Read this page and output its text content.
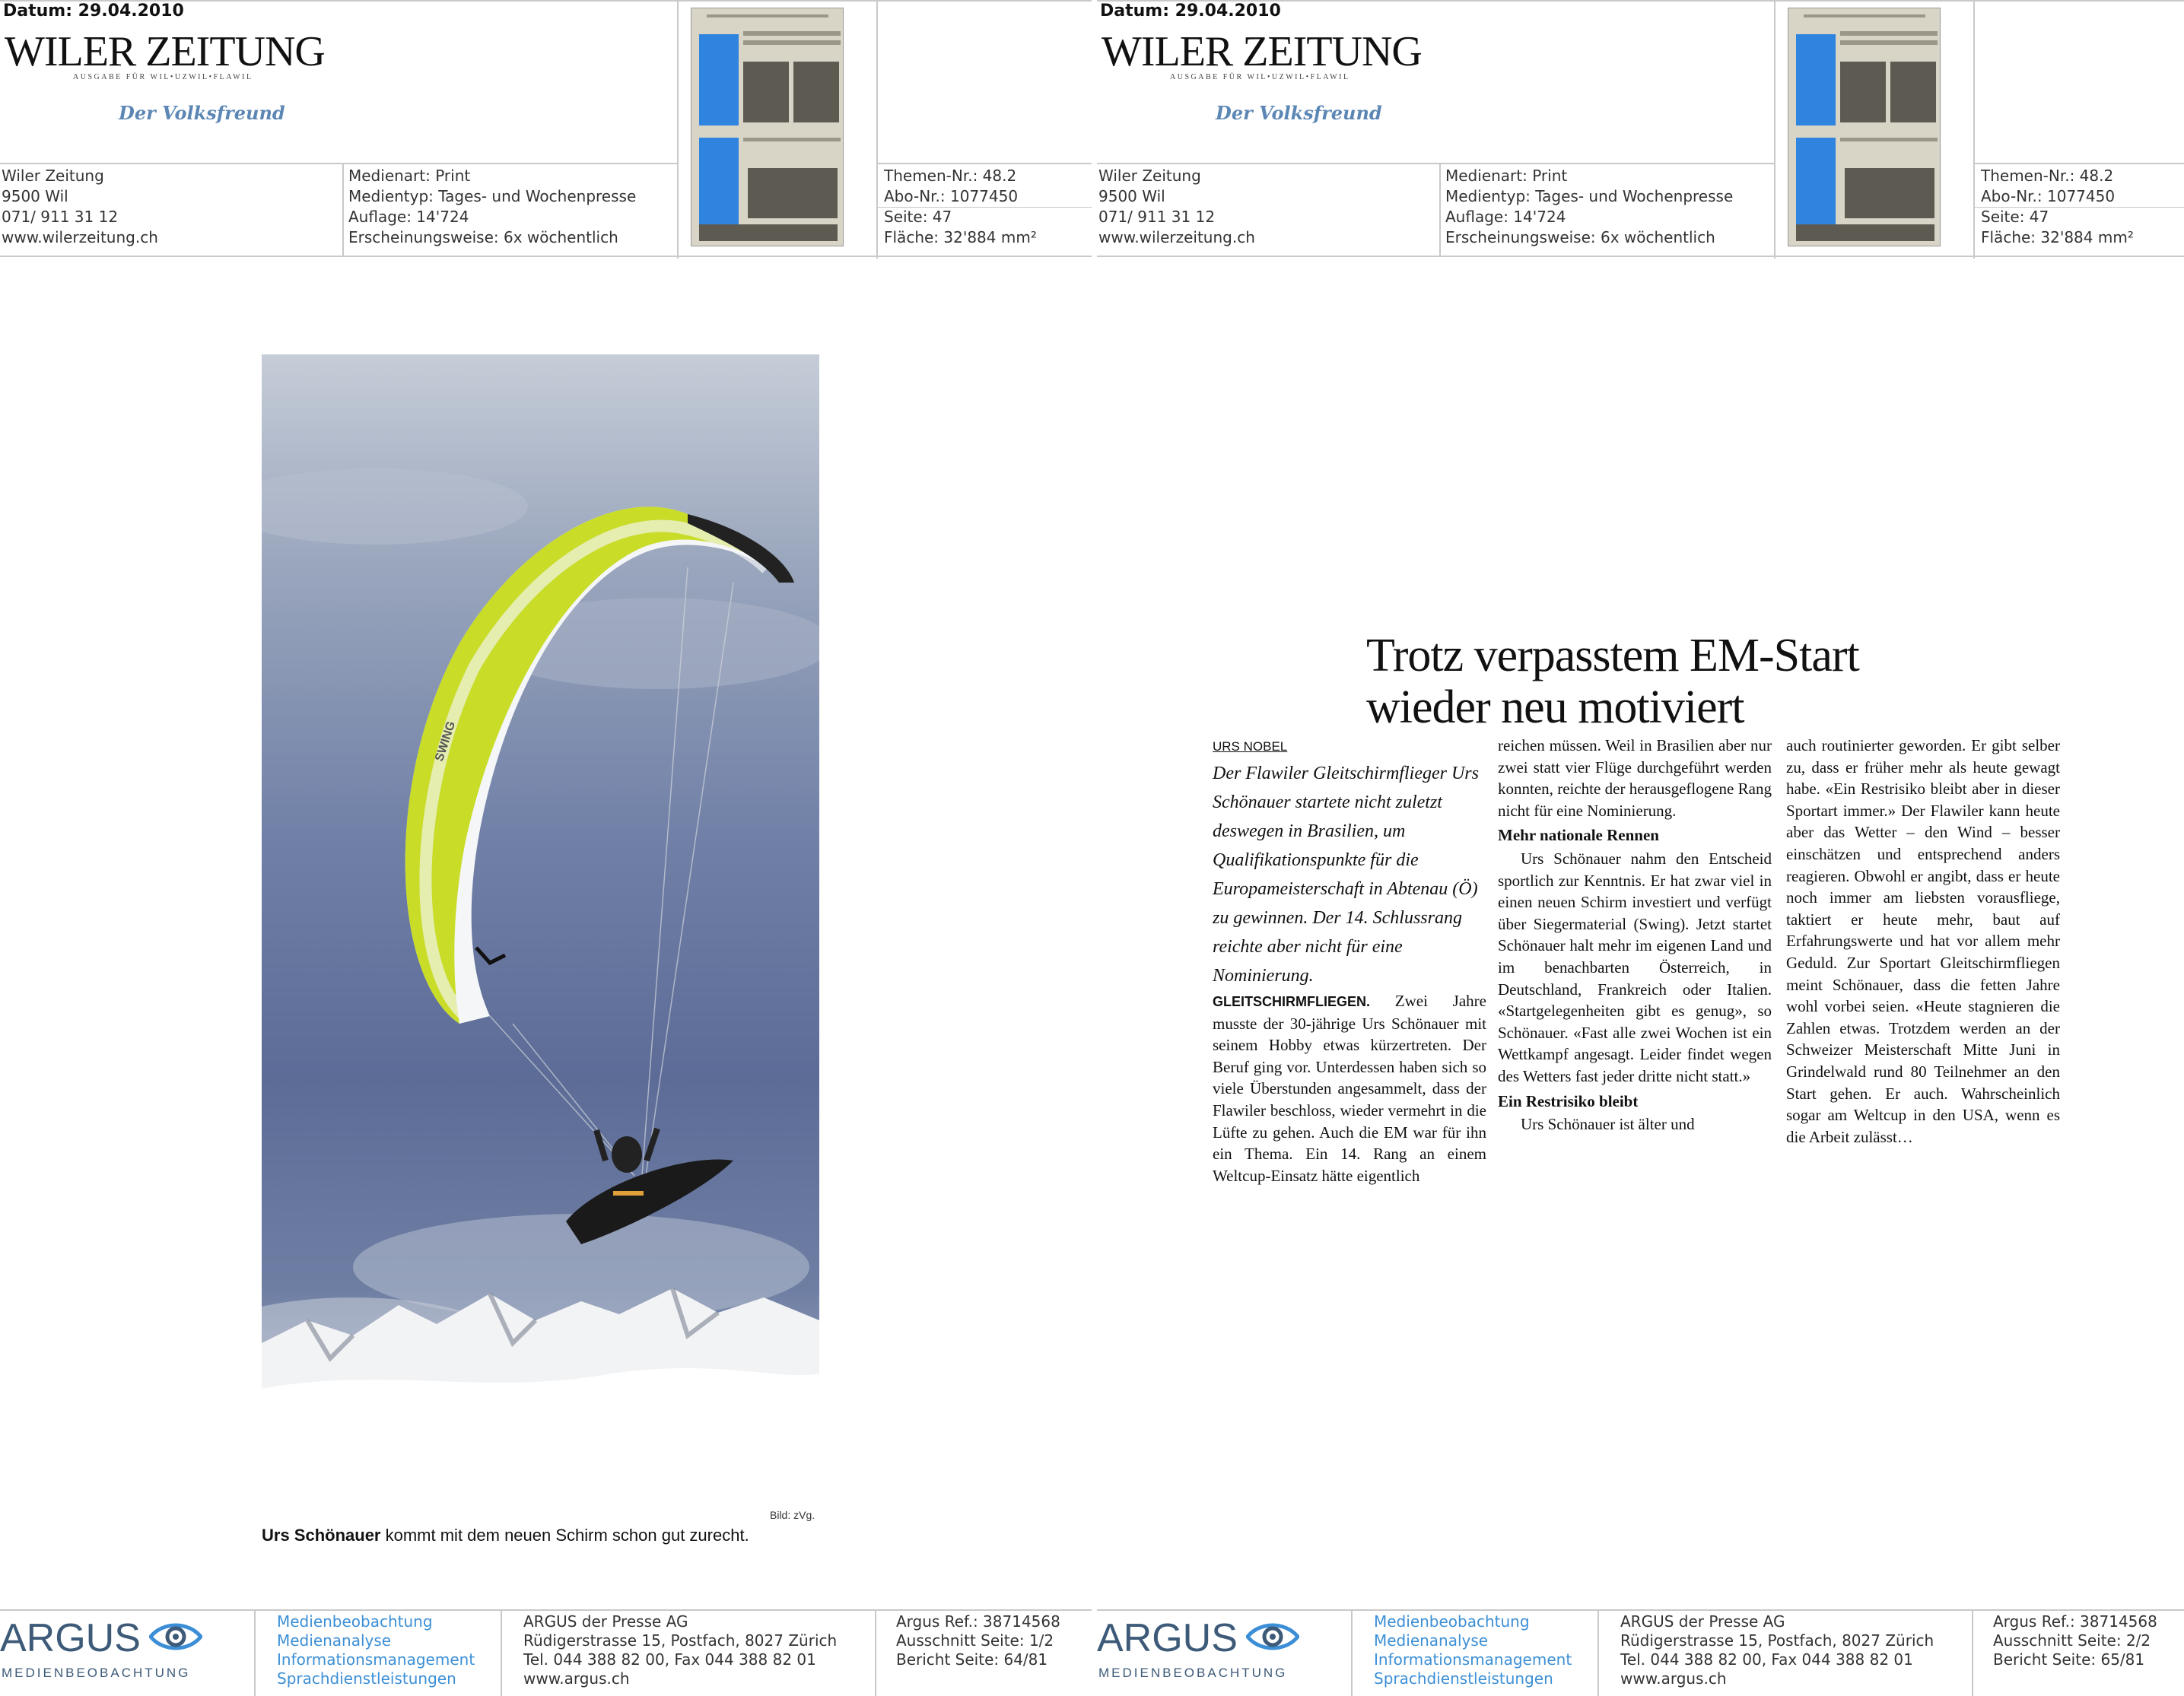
Datum: 29.04.2010
WILER ZEITUNG
AUSGABE FÜR WIL•UZWIL•FLAWIL
Der Volksfreund
Wiler Zeitung
9500 Wil
071/ 911 31 12
www.wilerzeitung.ch
Medienart: Print
Medientyp: Tages- und Wochenpresse
Auflage: 14'724
Erscheinungsweise: 6x wöchentlich
Themen-Nr.: 48.2
Abo-Nr.: 1077450
Seite: 47
Fläche: 32'884 mm²
SWING
Bild: zVg.
Urs Schönauer kommt mit dem neuen Schirm schon gut zurecht.
ARGUS
MEDIENBEOBACHTUNG
Medienbeobachtung
Medienanalyse
Informationsmanagement
Sprachdienstleistungen
ARGUS der Presse AG
Rüdigerstrasse 15, Postfach, 8027 Zürich
Tel. 044 388 82 00, Fax 044 388 82 01
www.argus.ch
Argus Ref.: 38714568
Ausschnitt Seite: 1/2
Bericht Seite: 64/81
Datum: 29.04.2010
WILER ZEITUNG
AUSGABE FÜR WIL•UZWIL•FLAWIL
Der Volksfreund
Wiler Zeitung
9500 Wil
071/ 911 31 12
www.wilerzeitung.ch
Medienart: Print
Medientyp: Tages- und Wochenpresse
Auflage: 14'724
Erscheinungsweise: 6x wöchentlich
Themen-Nr.: 48.2
Abo-Nr.: 1077450
Seite: 47
Fläche: 32'884 mm²
Trotz verpasstem EM-Start
wieder neu motiviert
URS NOBEL

Der Flawiler Gleitschirmflieger Urs Schönauer startete nicht zuletzt deswegen in Brasilien, um Qualifikationspunkte für die Europameisterschaft in Abtenau (Ö) zu gewinnen. Der 14. Schlussrang reichte aber nicht für eine Nominierung.

GLEITSCHIRMFLIEGEN. Zwei Jahre musste der 30-jährige Urs Schönauer mit seinem Hobby etwas kürzertreten. Der Beruf ging vor. Unterdessen haben sich so viele Überstunden angesammelt, dass der Flawiler beschloss, wieder vermehrt in die Lüfte zu gehen. Auch die EM war für ihn ein Thema. Ein 14. Rang an einem Weltcup-Einsatz hätte eigentlich

reichen müssen. Weil in Brasilien aber nur zwei statt vier Flüge durchgeführt werden konnten, reichte der herausgeflogene Rang nicht für eine Nominierung.

Mehr nationale Rennen

Urs Schönauer nahm den Entscheid sportlich zur Kenntnis. Er hat zwar viel in einen neuen Schirm investiert und verfügt über Siegermaterial (Swing). Jetzt startet Schönauer halt mehr im eigenen Land und im benachbarten Österreich, in Deutschland, Frankreich oder Italien. «Startgelegenheiten gibt es genug», so Schönauer. «Fast alle zwei Wochen ist ein Wettkampf angesagt. Leider findet wegen des Wetters fast jeder dritte nicht statt.»

Ein Restrisiko bleibt

Urs Schönauer ist älter und

auch routinierter geworden. Er gibt selber zu, dass er früher mehr als heute gewagt habe. «Ein Restrisiko bleibt aber in dieser Sportart immer.» Der Flawiler kann heute aber das Wetter – den Wind – besser einschätzen und entsprechend anders reagieren. Obwohl er angibt, dass er heute noch immer am liebsten vorausfliege, taktiert er heute mehr, baut auf Erfahrungswerte und hat vor allem mehr Geduld. Zur Sportart Gleitschirmfliegen meint Schönauer, dass die fetten Jahre wohl vorbei seien. «Heute stagnieren die Zahlen etwas. Trotzdem werden an der Schweizer Meisterschaft Mitte Juni in Grindelwald rund 80 Teilnehmer an den Start gehen. Er auch. Wahrscheinlich sogar am Weltcup in den USA, wenn es die Arbeit zulässt…

ARGUS
MEDIENBEOBACHTUNG
Medienbeobachtung
Medienanalyse
Informationsmanagement
Sprachdienstleistungen
ARGUS der Presse AG
Rüdigerstrasse 15, Postfach, 8027 Zürich
Tel. 044 388 82 00, Fax 044 388 82 01
www.argus.ch
Argus Ref.: 38714568
Ausschnitt Seite: 2/2
Bericht Seite: 65/81
